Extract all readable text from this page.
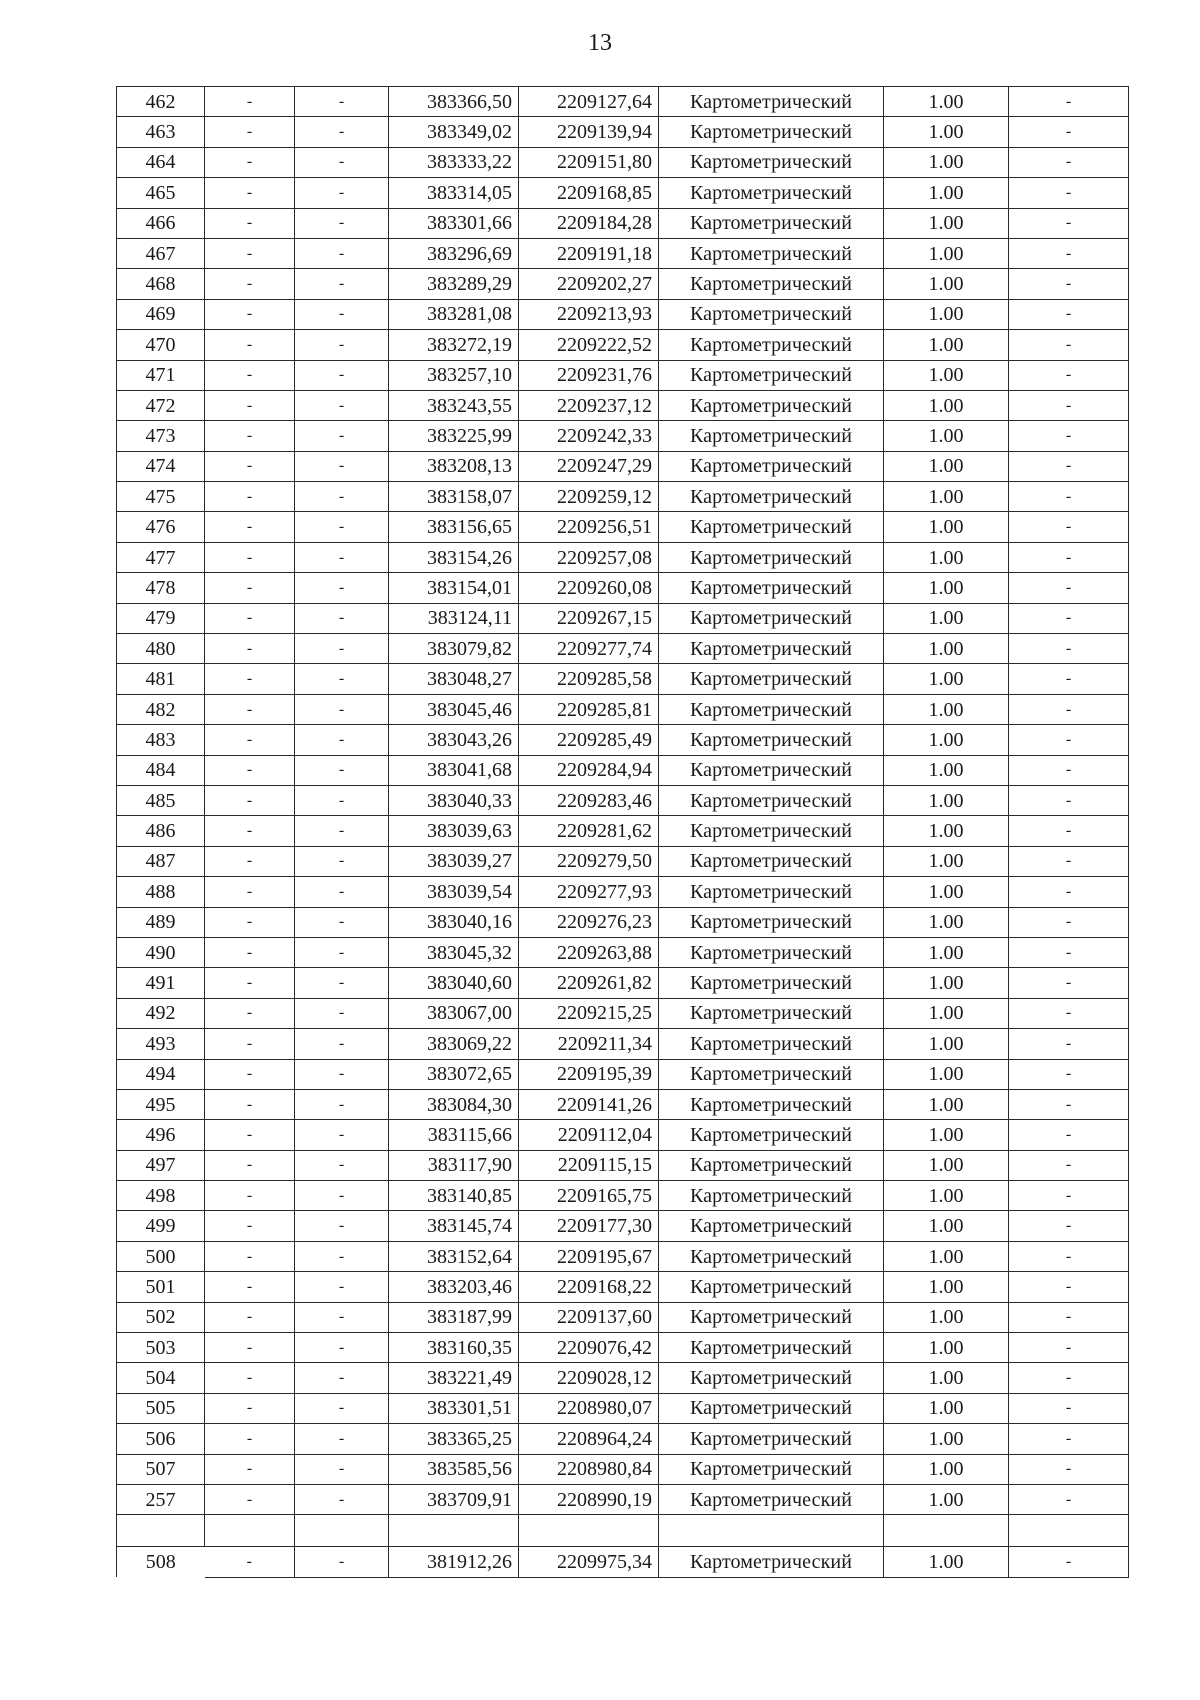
13
462	-	-	383366,50	2209127,64	Картометрический	1.00	-
463	-	-	383349,02	2209139,94	Картометрический	1.00	-
464	-	-	383333,22	2209151,80	Картометрический	1.00	-
465	-	-	383314,05	2209168,85	Картометрический	1.00	-
466	-	-	383301,66	2209184,28	Картометрический	1.00	-
467	-	-	383296,69	2209191,18	Картометрический	1.00	-
468	-	-	383289,29	2209202,27	Картометрический	1.00	-
469	-	-	383281,08	2209213,93	Картометрический	1.00	-
470	-	-	383272,19	2209222,52	Картометрический	1.00	-
471	-	-	383257,10	2209231,76	Картометрический	1.00	-
472	-	-	383243,55	2209237,12	Картометрический	1.00	-
473	-	-	383225,99	2209242,33	Картометрический	1.00	-
474	-	-	383208,13	2209247,29	Картометрический	1.00	-
475	-	-	383158,07	2209259,12	Картометрический	1.00	-
476	-	-	383156,65	2209256,51	Картометрический	1.00	-
477	-	-	383154,26	2209257,08	Картометрический	1.00	-
478	-	-	383154,01	2209260,08	Картометрический	1.00	-
479	-	-	383124,11	2209267,15	Картометрический	1.00	-
480	-	-	383079,82	2209277,74	Картометрический	1.00	-
481	-	-	383048,27	2209285,58	Картометрический	1.00	-
482	-	-	383045,46	2209285,81	Картометрический	1.00	-
483	-	-	383043,26	2209285,49	Картометрический	1.00	-
484	-	-	383041,68	2209284,94	Картометрический	1.00	-
485	-	-	383040,33	2209283,46	Картометрический	1.00	-
486	-	-	383039,63	2209281,62	Картометрический	1.00	-
487	-	-	383039,27	2209279,50	Картометрический	1.00	-
488	-	-	383039,54	2209277,93	Картометрический	1.00	-
489	-	-	383040,16	2209276,23	Картометрический	1.00	-
490	-	-	383045,32	2209263,88	Картометрический	1.00	-
491	-	-	383040,60	2209261,82	Картометрический	1.00	-
492	-	-	383067,00	2209215,25	Картометрический	1.00	-
493	-	-	383069,22	2209211,34	Картометрический	1.00	-
494	-	-	383072,65	2209195,39	Картометрический	1.00	-
495	-	-	383084,30	2209141,26	Картометрический	1.00	-
496	-	-	383115,66	2209112,04	Картометрический	1.00	-
497	-	-	383117,90	2209115,15	Картометрический	1.00	-
498	-	-	383140,85	2209165,75	Картометрический	1.00	-
499	-	-	383145,74	2209177,30	Картометрический	1.00	-
500	-	-	383152,64	2209195,67	Картометрический	1.00	-
501	-	-	383203,46	2209168,22	Картометрический	1.00	-
502	-	-	383187,99	2209137,60	Картометрический	1.00	-
503	-	-	383160,35	2209076,42	Картометрический	1.00	-
504	-	-	383221,49	2209028,12	Картометрический	1.00	-
505	-	-	383301,51	2208980,07	Картометрический	1.00	-
506	-	-	383365,25	2208964,24	Картометрический	1.00	-
507	-	-	383585,56	2208980,84	Картометрический	1.00	-
257	-	-	383709,91	2208990,19	Картометрический	1.00	-

508	-	-	381912,26	2209975,34	Картометрический	1.00	-
